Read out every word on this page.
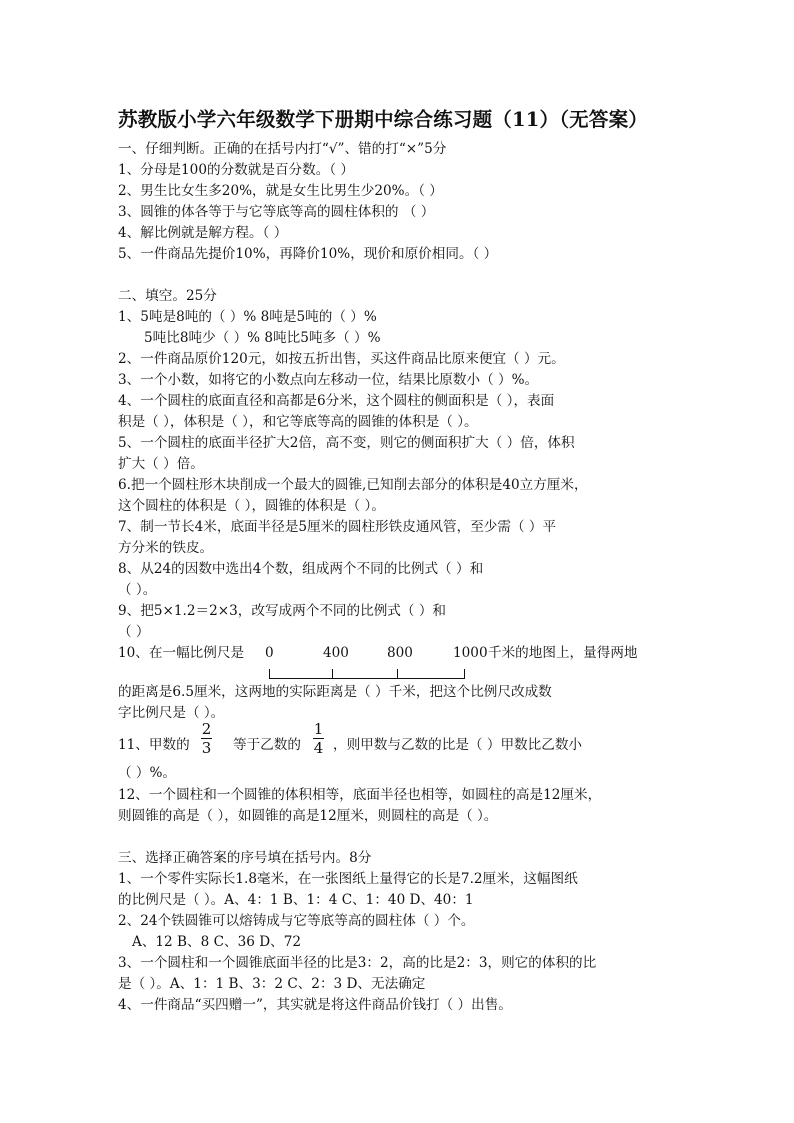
苏教版小学六年级数学下册期中综合练习题（11）（无答案）
一、仔细判断。正确的在括号内打“√”、错的打“×”5分
1、分母是100的分数就是百分数。（ ）
2、男生比女生多20%，就是女生比男生少20%。（ ）
3、圆锥的体各等于与它等底等高的圆柱体积的 （ ）
4、解比例就是解方程。（ ）
5、一件商品先提价10%，再降价10%，现价和原价相同。（ ）
二、填空。25分
1、5吨是8吨的（ ）% 8吨是5吨的（ ）%
5吨比8吨少（ ）% 8吨比5吨多（ ）%
2、一件商品原价120元，如按五折出售，买这件商品比原来便宜（ ）元。
3、一个小数，如将它的小数点向左移动一位，结果比原数小（ ）%。
4、一个圆柱的底面直径和高都是6分米，这个圆柱的侧面积是（ ），表面
积是（ ），体积是（ ），和它等底等高的圆锥的体积是（ ）。
5、一个圆柱的底面半径扩大2倍，高不变，则它的侧面积扩大（ ）倍，体积
扩大（ ）倍。
6.把一个圆柱形木块削成一个最大的圆锥,已知削去部分的体积是40立方厘米，
这个圆柱的体积是（ ），圆锥的体积是（ ）。
7、制一节长4米，底面半径是5厘米的圆柱形铁皮通风管，至少需（ ）平
方分米的铁皮。
8、从24的因数中选出4个数，组成两个不同的比例式（ ）和
（ ）。
9、把5×1.2＝2×3，改写成两个不同的比例式（ ）和
（ ）
10、在一幅比例尺是 0	400	800	1000 千米的地图上，量得两地
的距离是6.5厘米，这两地的实际距离是（ ）千米，把这个比例尺改成数
字比例尺是（ ）。
11、甲数的
2
3 等于乙数的
1
4 ，则甲数与乙数的比是（ ）甲数比乙数小
（ ）%。
12、一个圆柱和一个圆锥的体积相等，底面半径也相等，如圆柱的高是12厘米，
则圆锥的高是（ ），如圆锥的高是12厘米，则圆柱的高是（ ）。
三、选择正确答案的序号填在括号内。8分
1、一个零件实际长1.8毫米，在一张图纸上量得它的长是7.2厘米，这幅图纸
的比例尺是（ ）。A、4：1 B、1：4 C、1：40 D、40：1
2、24个铁圆锥可以熔铸成与它等底等高的圆柱体（ ）个。
A、12 B、8 C、36 D、72
3、一个圆柱和一个圆锥底面半径的比是3：2，高的比是2：3，则它的体积的比
是（ ）。A、1：1 B、3：2 C、2：3 D、无法确定
4、一件商品“买四赠一”，其实就是将这件商品价钱打（ ）出售。
